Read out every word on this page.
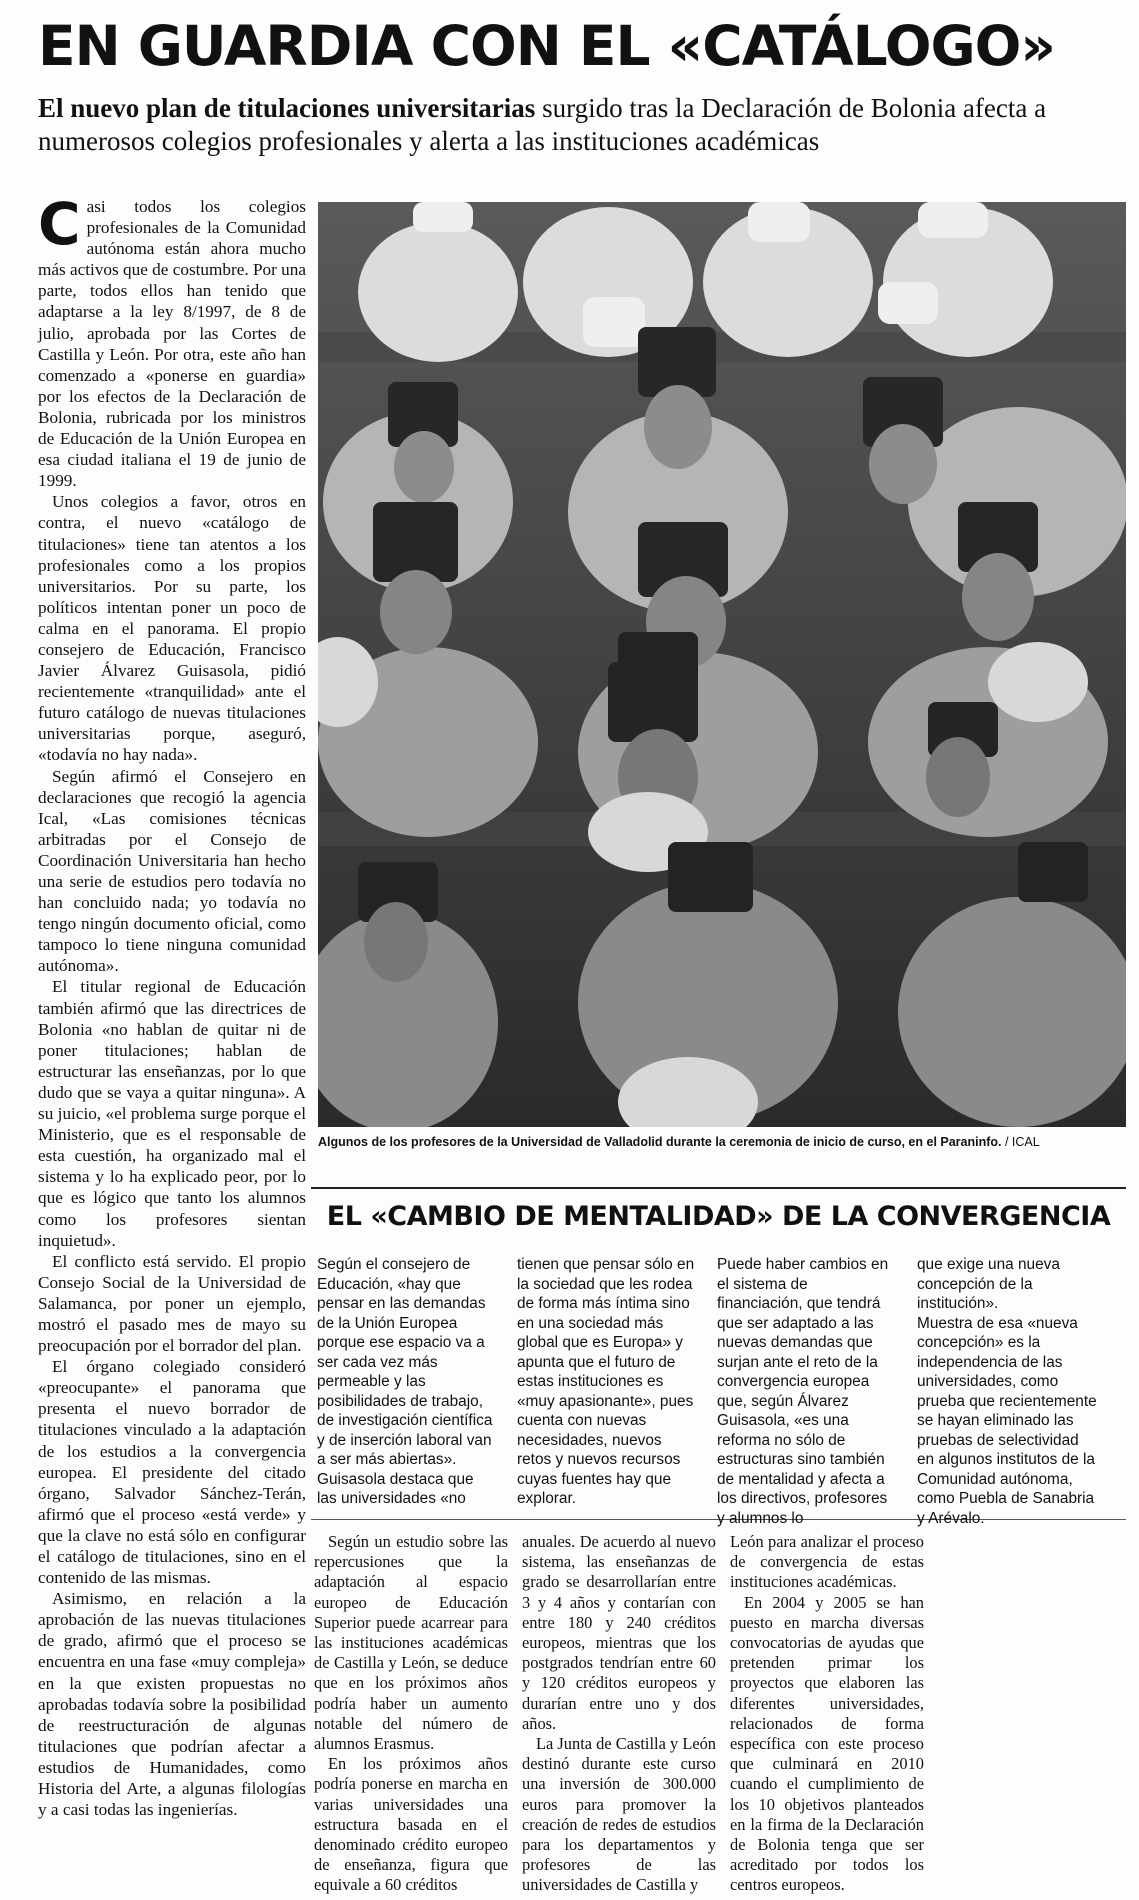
EN GUARDIA CON EL «CATÁLOGO»

El nuevo plan de titulaciones universitarias surgido tras la Declaración de Bolonia afecta a numerosos colegios profesionales y alerta a las instituciones académicas

Casi todos los colegios profesionales de la Comunidad autónoma están ahora mucho más activos que de costumbre. Por una parte, todos ellos han tenido que adaptarse a la ley 8/1997, de 8 de julio, aprobada por las Cortes de Castilla y León. Por otra, este año han comenzado a «ponerse en guardia» por los efectos de la Declaración de Bolonia, rubricada por los ministros de Educación de la Unión Europea en esa ciudad italiana el 19 de junio de 1999.

Unos colegios a favor, otros en contra, el nuevo «catálogo de titulaciones» tiene tan atentos a los profesionales como a los propios universitarios. Por su parte, los políticos intentan poner un poco de calma en el panorama. El propio consejero de Educación, Francisco Javier Álvarez Guisasola, pidió recientemente «tranquilidad» ante el futuro catálogo de nuevas titulaciones universitarias porque, aseguró, «todavía no hay nada».

Según afirmó el Consejero en declaraciones que recogió la agencia Ical, «Las comisiones técnicas arbitradas por el Consejo de Coordinación Universitaria han hecho una serie de estudios pero todavía no han concluido nada; yo todavía no tengo ningún documento oficial, como tampoco lo tiene ninguna comunidad autónoma».

El titular regional de Educación también afirmó que las directrices de Bolonia «no hablan de quitar ni de poner titulaciones; hablan de estructurar las enseñanzas, por lo que dudo que se vaya a quitar ninguna». A su juicio, «el problema surge porque el Ministerio, que es el responsable de esta cuestión, ha organizado mal el sistema y lo ha explicado peor, por lo que es lógico que tanto los alumnos como los profesores sientan inquietud».

El conflicto está servido. El propio Consejo Social de la Universidad de Salamanca, por poner un ejemplo, mostró el pasado mes de mayo su preocupación por el borrador del plan.

El órgano colegiado consideró «preocupante» el panorama que presenta el nuevo borrador de titulaciones vinculado a la adaptación de los estudios a la convergencia europea. El presidente del citado órgano, Salvador Sánchez-Terán, afirmó que el proceso «está verde» y que la clave no está sólo en configurar el catálogo de titulaciones, sino en el contenido de las mismas.

Asimismo, en relación a la aprobación de las nuevas titulaciones de grado, afirmó que el proceso se encuentra en una fase «muy compleja» en la que existen propuestas no aprobadas todavía sobre la posibilidad de reestructuración de algunas titulaciones que podrían afectar a estudios de Humanidades, como Historia del Arte, a algunas filologías y a casi todas las ingenierías.

Algunos de los profesores de la Universidad de Valladolid durante la ceremonia de inicio de curso, en el Paraninfo. / ICAL
EL «CAMBIO DE MENTALIDAD» DE LA CONVERGENCIA

Según el consejero de Educación, «hay que pensar en las demandas de la Unión Europea porque ese espacio va a ser cada vez más permeable y las posibilidades de trabajo, de investigación científica y de inserción laboral van a ser más abiertas».

Guisasola destaca que las universidades «no

tienen que pensar sólo en la sociedad que les rodea de forma más íntima sino en una sociedad más global que es Europa» y apunta que el futuro de estas instituciones es «muy apasionante», pues cuenta con nuevas necesidades, nuevos retos y nuevos recursos cuyas fuentes hay que explorar.

Puede haber cambios en el sistema de financiación, que tendrá que ser adaptado a las nuevas demandas que surjan ante el reto de la convergencia europea que, según Álvarez Guisasola, «es una reforma no sólo de estructuras sino también de mentalidad y afecta a los directivos, profesores y alumnos lo

que exige una nueva concepción de la institución».

Muestra de esa «nueva concepción» es la independencia de las universidades, como prueba que recientemente se hayan eliminado las pruebas de selectividad en algunos institutos de la Comunidad autónoma, como Puebla de Sanabria y Arévalo.

Según un estudio sobre las repercusiones que la adaptación al espacio europeo de Educación Superior puede acarrear para las instituciones académicas de Castilla y León, se deduce que en los próximos años podría haber un aumento notable del número de alumnos Erasmus.

En los próximos años podría ponerse en marcha en varias universidades una estructura basada en el denominado crédito europeo de enseñanza, figura que equivale a 60 créditos

anuales. De acuerdo al nuevo sistema, las enseñanzas de grado se desarrollarían entre 3 y 4 años y contarían con entre 180 y 240 créditos europeos, mientras que los postgrados tendrían entre 60 y 120 créditos europeos y durarían entre uno y dos años.

La Junta de Castilla y León destinó durante este curso una inversión de 300.000 euros para promover la creación de redes de estudios para los departamentos y profesores de las universidades de Castilla y

León para analizar el proceso de convergencia de estas instituciones académicas.

En 2004 y 2005 se han puesto en marcha diversas convocatorias de ayudas que pretenden primar los proyectos que elaboren las diferentes universidades, relacionados de forma específica con este proceso que culminará en 2010 cuando el cumplimiento de los 10 objetivos planteados en la firma de la Declaración de Bolonia tenga que ser acreditado por todos los centros europeos.
